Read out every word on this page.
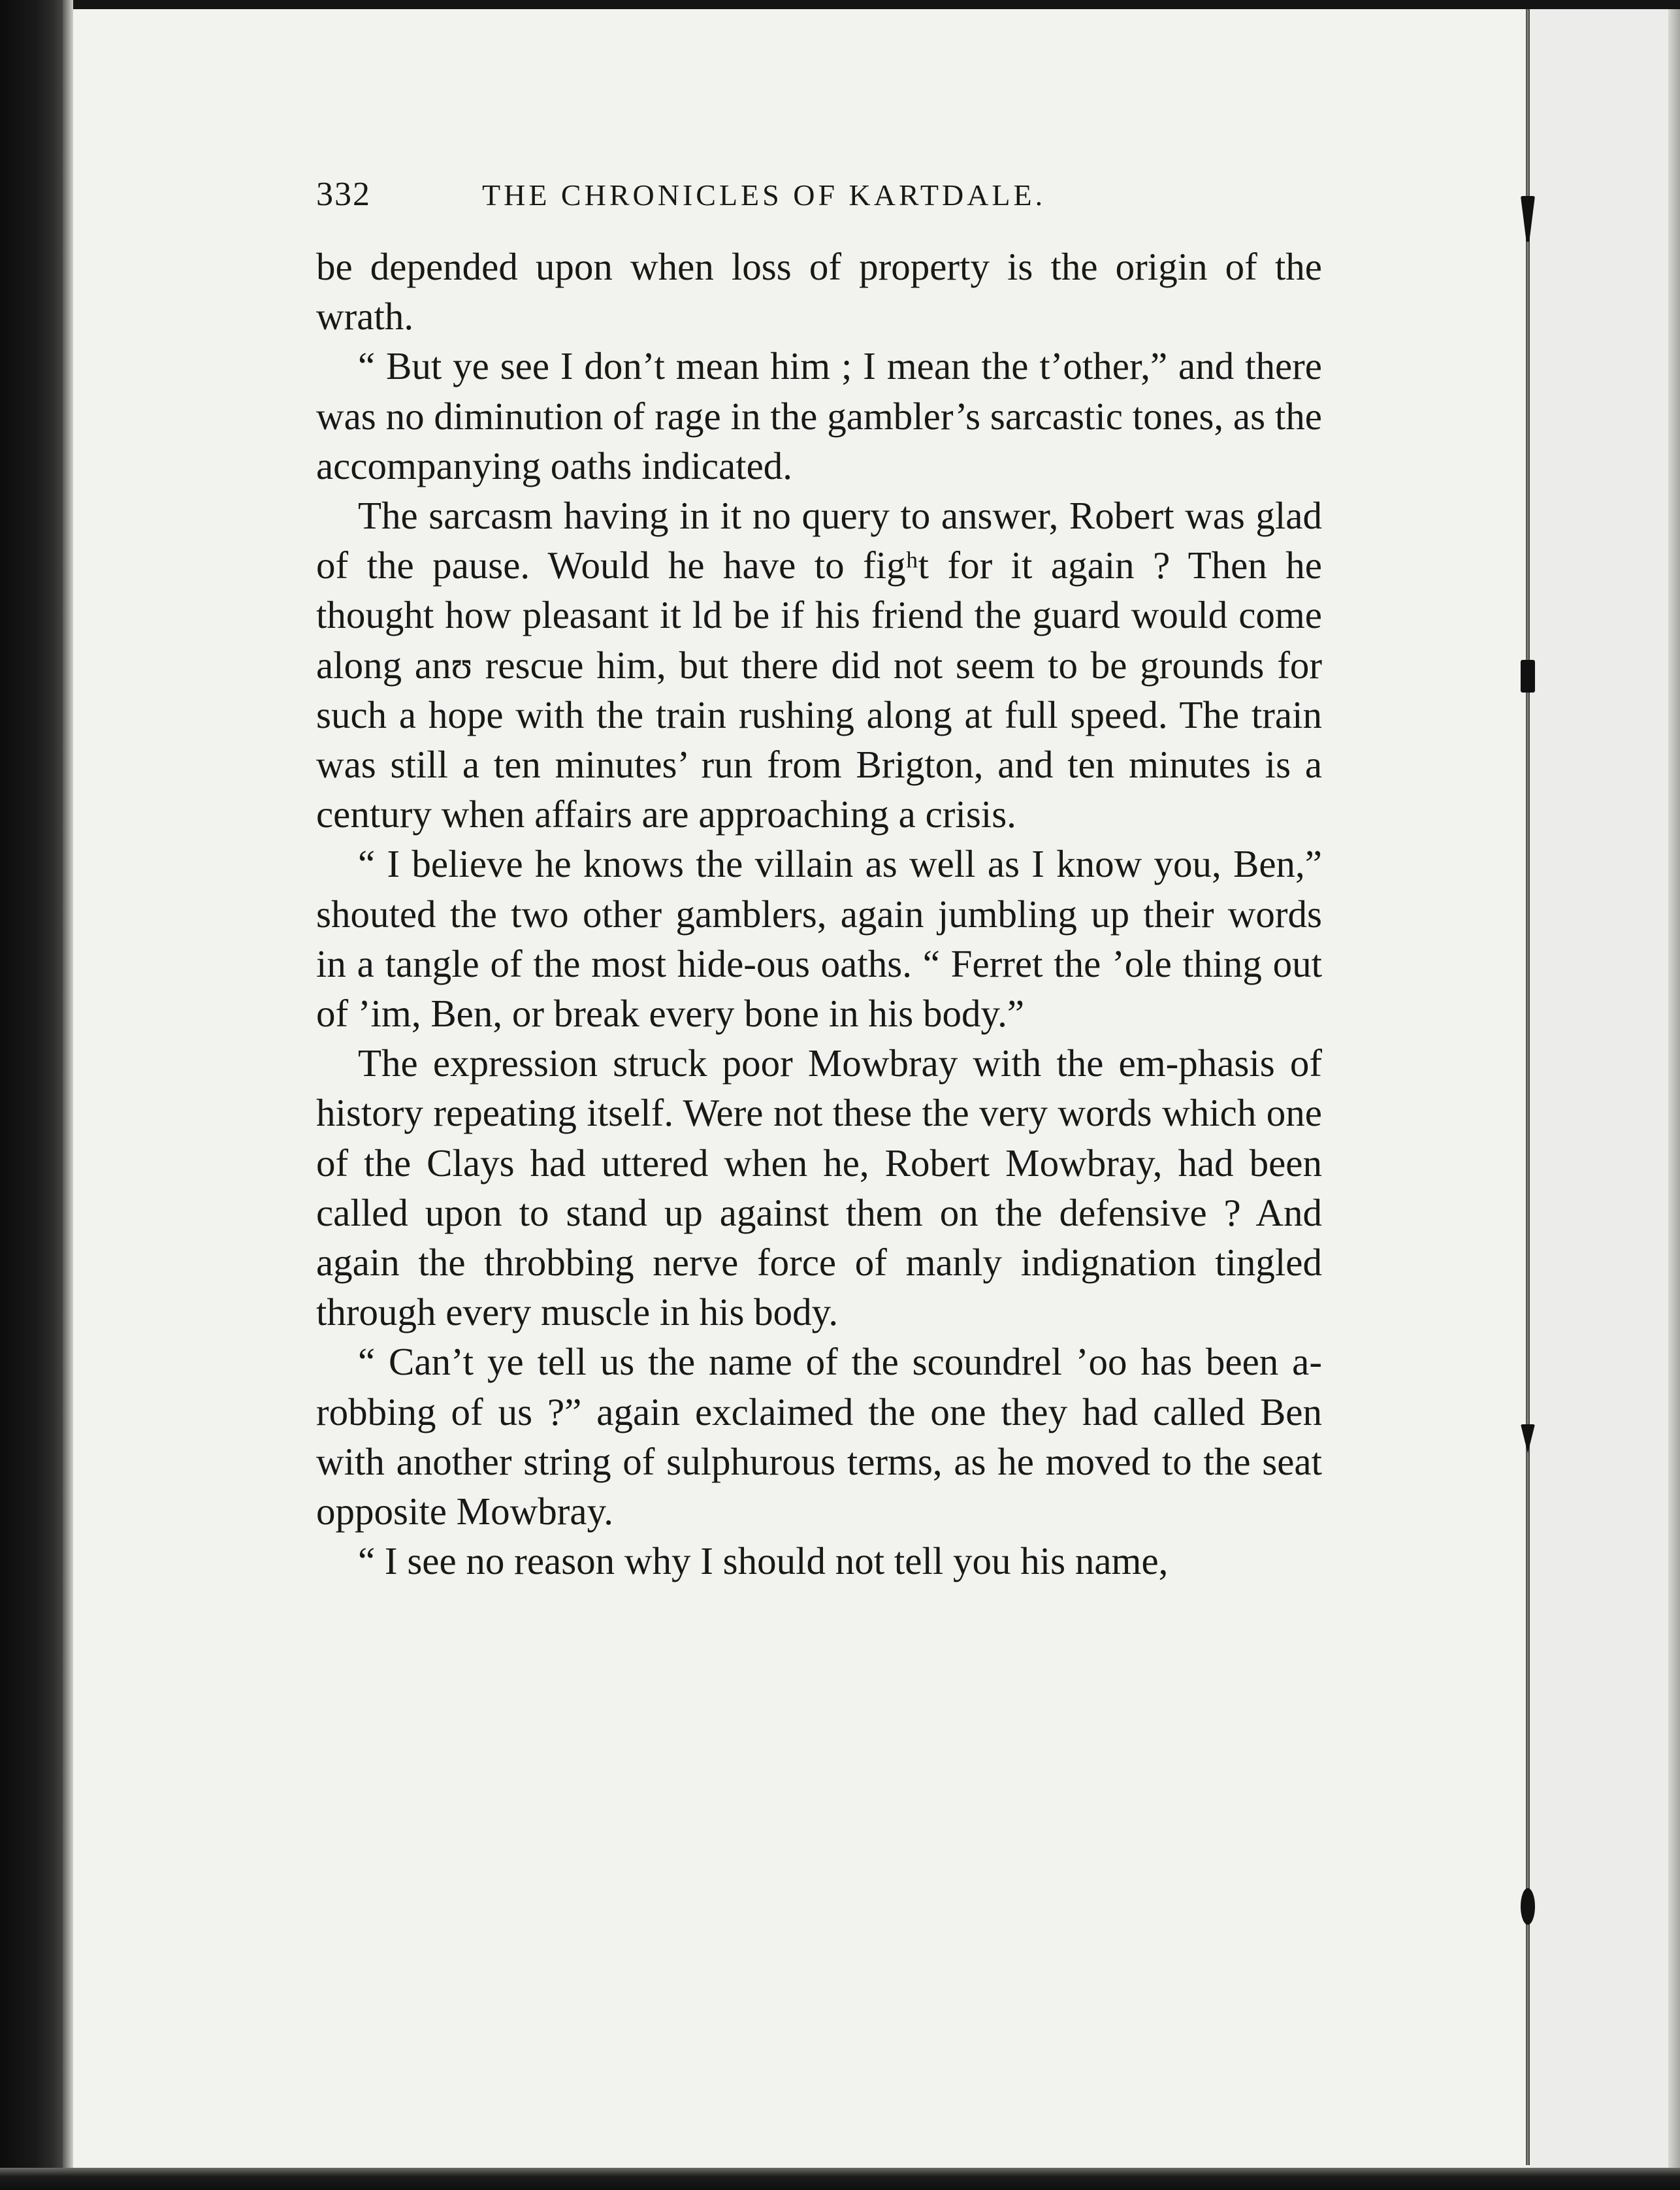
332	THE CHRONICLES OF KARTDALE.

be depended upon when loss of property is the origin of the wrath.

“ But ye see I don’t mean him ; I mean the t’other,” and there was no diminution of rage in the gambler’s sarcastic tones, as the accompanying oaths indicated.

The sarcasm having in it no query to answer, Robert was glad of the pause. Would he have to figʰt for it again ? Then he thought how pleasant it ld be if his friend the guard would come along anʊ rescue him, but there did not seem to be grounds for such a hope with the train rushing along at full speed. The train was still a ten minutes’ run from Brigton, and ten minutes is a century when affairs are approaching a crisis.

“ I believe he knows the villain as well as I know you, Ben,” shouted the two other gamblers, again jumbling up their words in a tangle of the most hide-ous oaths. “ Ferret the ’ole thing out of ’im, Ben, or break every bone in his body.”

The expression struck poor Mowbray with the em-phasis of history repeating itself. Were not these the very words which one of the Clays had uttered when he, Robert Mowbray, had been called upon to stand up against them on the defensive ? And again the throbbing nerve force of manly indignation tingled through every muscle in his body.

“ Can’t ye tell us the name of the scoundrel ’oo has been a-robbing of us ?” again exclaimed the one they had called Ben with another string of sulphurous terms, as he moved to the seat opposite Mowbray.

“ I see no reason why I should not tell you his name,
